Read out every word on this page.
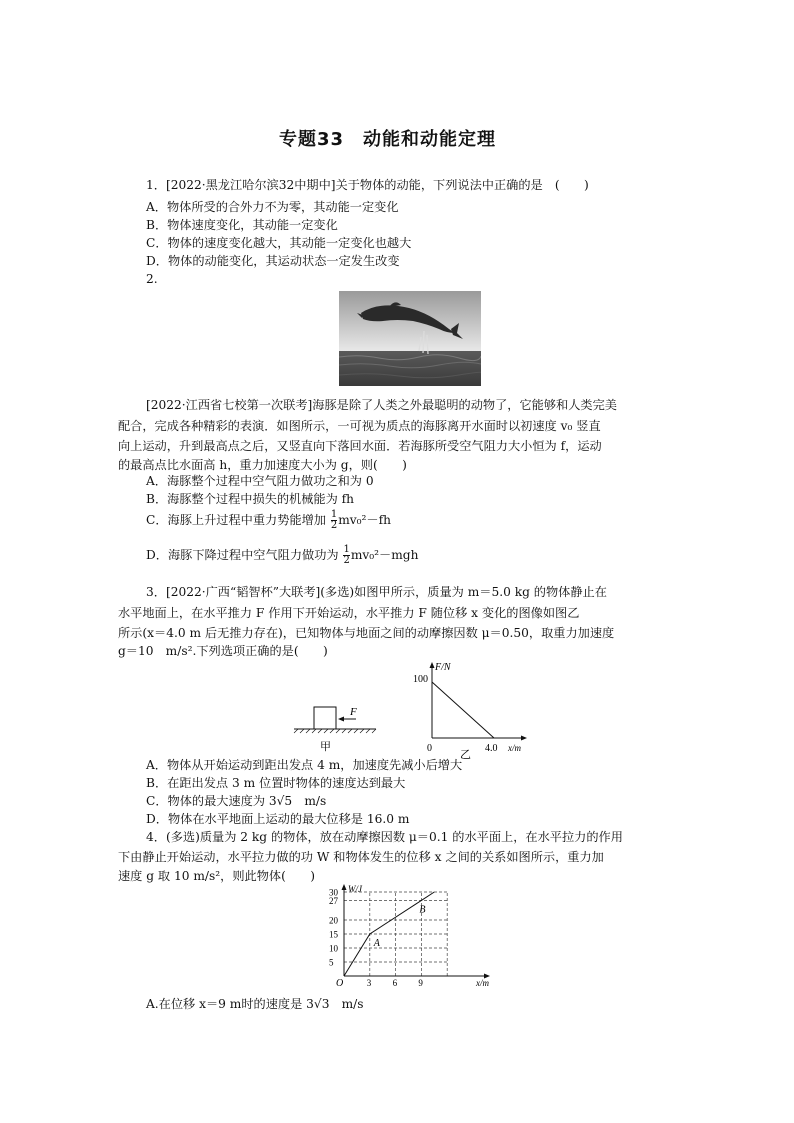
专题33　动能和动能定理
1．[2022·黑龙江哈尔滨32中期中]关于物体的动能，下列说法中正确的是　(　　)
A．物体所受的合外力不为零，其动能一定变化
B．物体速度变化，其动能一定变化
C．物体的速度变化越大，其动能一定变化也越大
D．物体的动能变化，其运动状态一定发生改变
2.
[2022·江西省七校第一次联考]海豚是除了人类之外最聪明的动物了，它能够和人类完美
配合，完成各种精彩的表演．如图所示，一可视为质点的海豚离开水面时以初速度 v₀ 竖直
向上运动，升到最高点之后，又竖直向下落回水面．若海豚所受空气阻力大小恒为 f，运动
的最高点比水面高 h，重力加速度大小为 g，则(　　)
A．海豚整个过程中空气阻力做功之和为 0
B．海豚整个过程中损失的机械能为 fh
C．海豚上升过程中重力势能增加 $\frac{1}{2} mv_0^2-fh$
D．海豚下降过程中空气阻力做功为 $\frac{1}{2} mv_0^2-mgh$
3．[2022·广西“韬智杯”大联考](多选)如图甲所示，质量为 m＝5.0 kg 的物体静止在
水平地面上，在水平推力 F 作用下开始运动，水平推力 F 随位移 x 变化的图像如图乙
所示(x＝4.0 m 后无推力存在)，已知物体与地面之间的动摩擦因数 μ＝0.50，取重力加速度
g＝10　m/s².下列选项正确的是(　　)
F
甲
F/N
100
0	4.0 x/m
乙
A．物体从开始运动到距出发点 4 m，加速度先减小后增大
B．在距出发点 3 m 位置时物体的速度达到最大
C．物体的最大速度为 3√5　m/s
D．物体在水平地面上运动的最大位移是 16.0 m
4．(多选)质量为 2 kg 的物体，放在动摩擦因数 μ＝0.1 的水平面上，在水平拉力的作用
下由静止开始运动，水平拉力做的功 W 和物体发生的位移 x 之间的关系如图所示，重力加
速度 g 取 10 m/s²，则此物体(　　)
W/J
30
27
20
15
10
5
3 6 9
O	x/m
A
B
A.在位移 x＝9 m时的速度是 3√3　m/s
